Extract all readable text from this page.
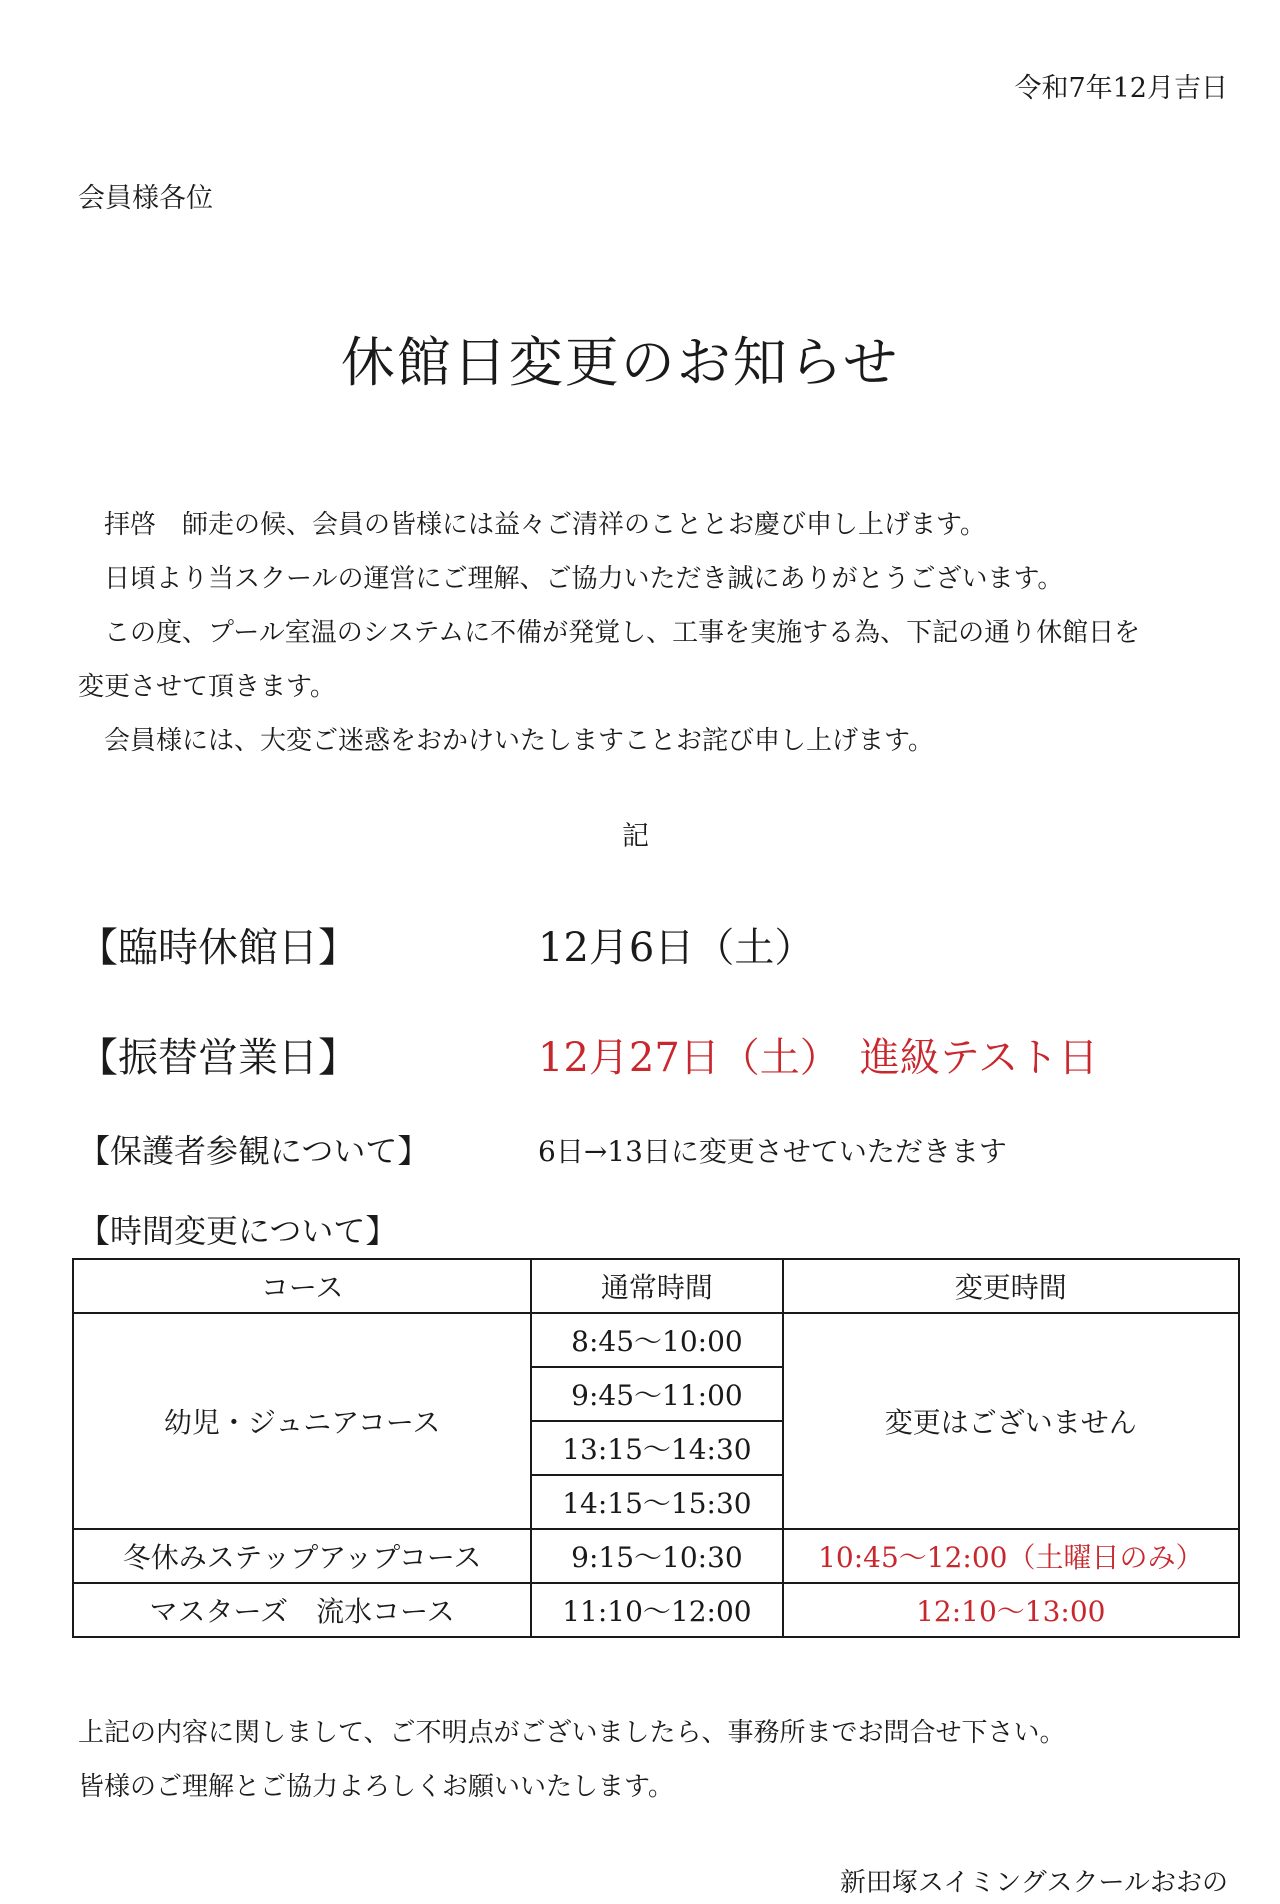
令和7年12月吉日
会員様各位
休館日変更のお知らせ
　拝啓　師走の候、会員の皆様には益々ご清祥のこととお慶び申し上げます。
　日頃より当スクールの運営にご理解、ご協力いただき誠にありがとうございます。
　この度、プール室温のシステムに不備が発覚し、工事を実施する為、下記の通り休館日を
変更させて頂きます。
　会員様には、大変ご迷惑をおかけいたしますことお詫び申し上げます。
記
【臨時休館日】	12月6日（土）
【振替営業日】	12月27日（土）　進級テスト日
【保護者参観について】	6日→13日に変更させていただきます
【時間変更について】
コース	通常時間	変更時間
幼児・ジュニアコース	8:45～10:00	変更はございません
	9:45～11:00	
	13:15～14:30	
	14:15～15:30	
冬休みステップアップコース	9:15～10:30	10:45～12:00（土曜日のみ）
マスターズ　流水コース	11:10～12:00	12:10～13:00
上記の内容に関しまして、ご不明点がございましたら、事務所までお問合せ下さい。
皆様のご理解とご協力よろしくお願いいたします。
新田塚スイミングスクールおおの
